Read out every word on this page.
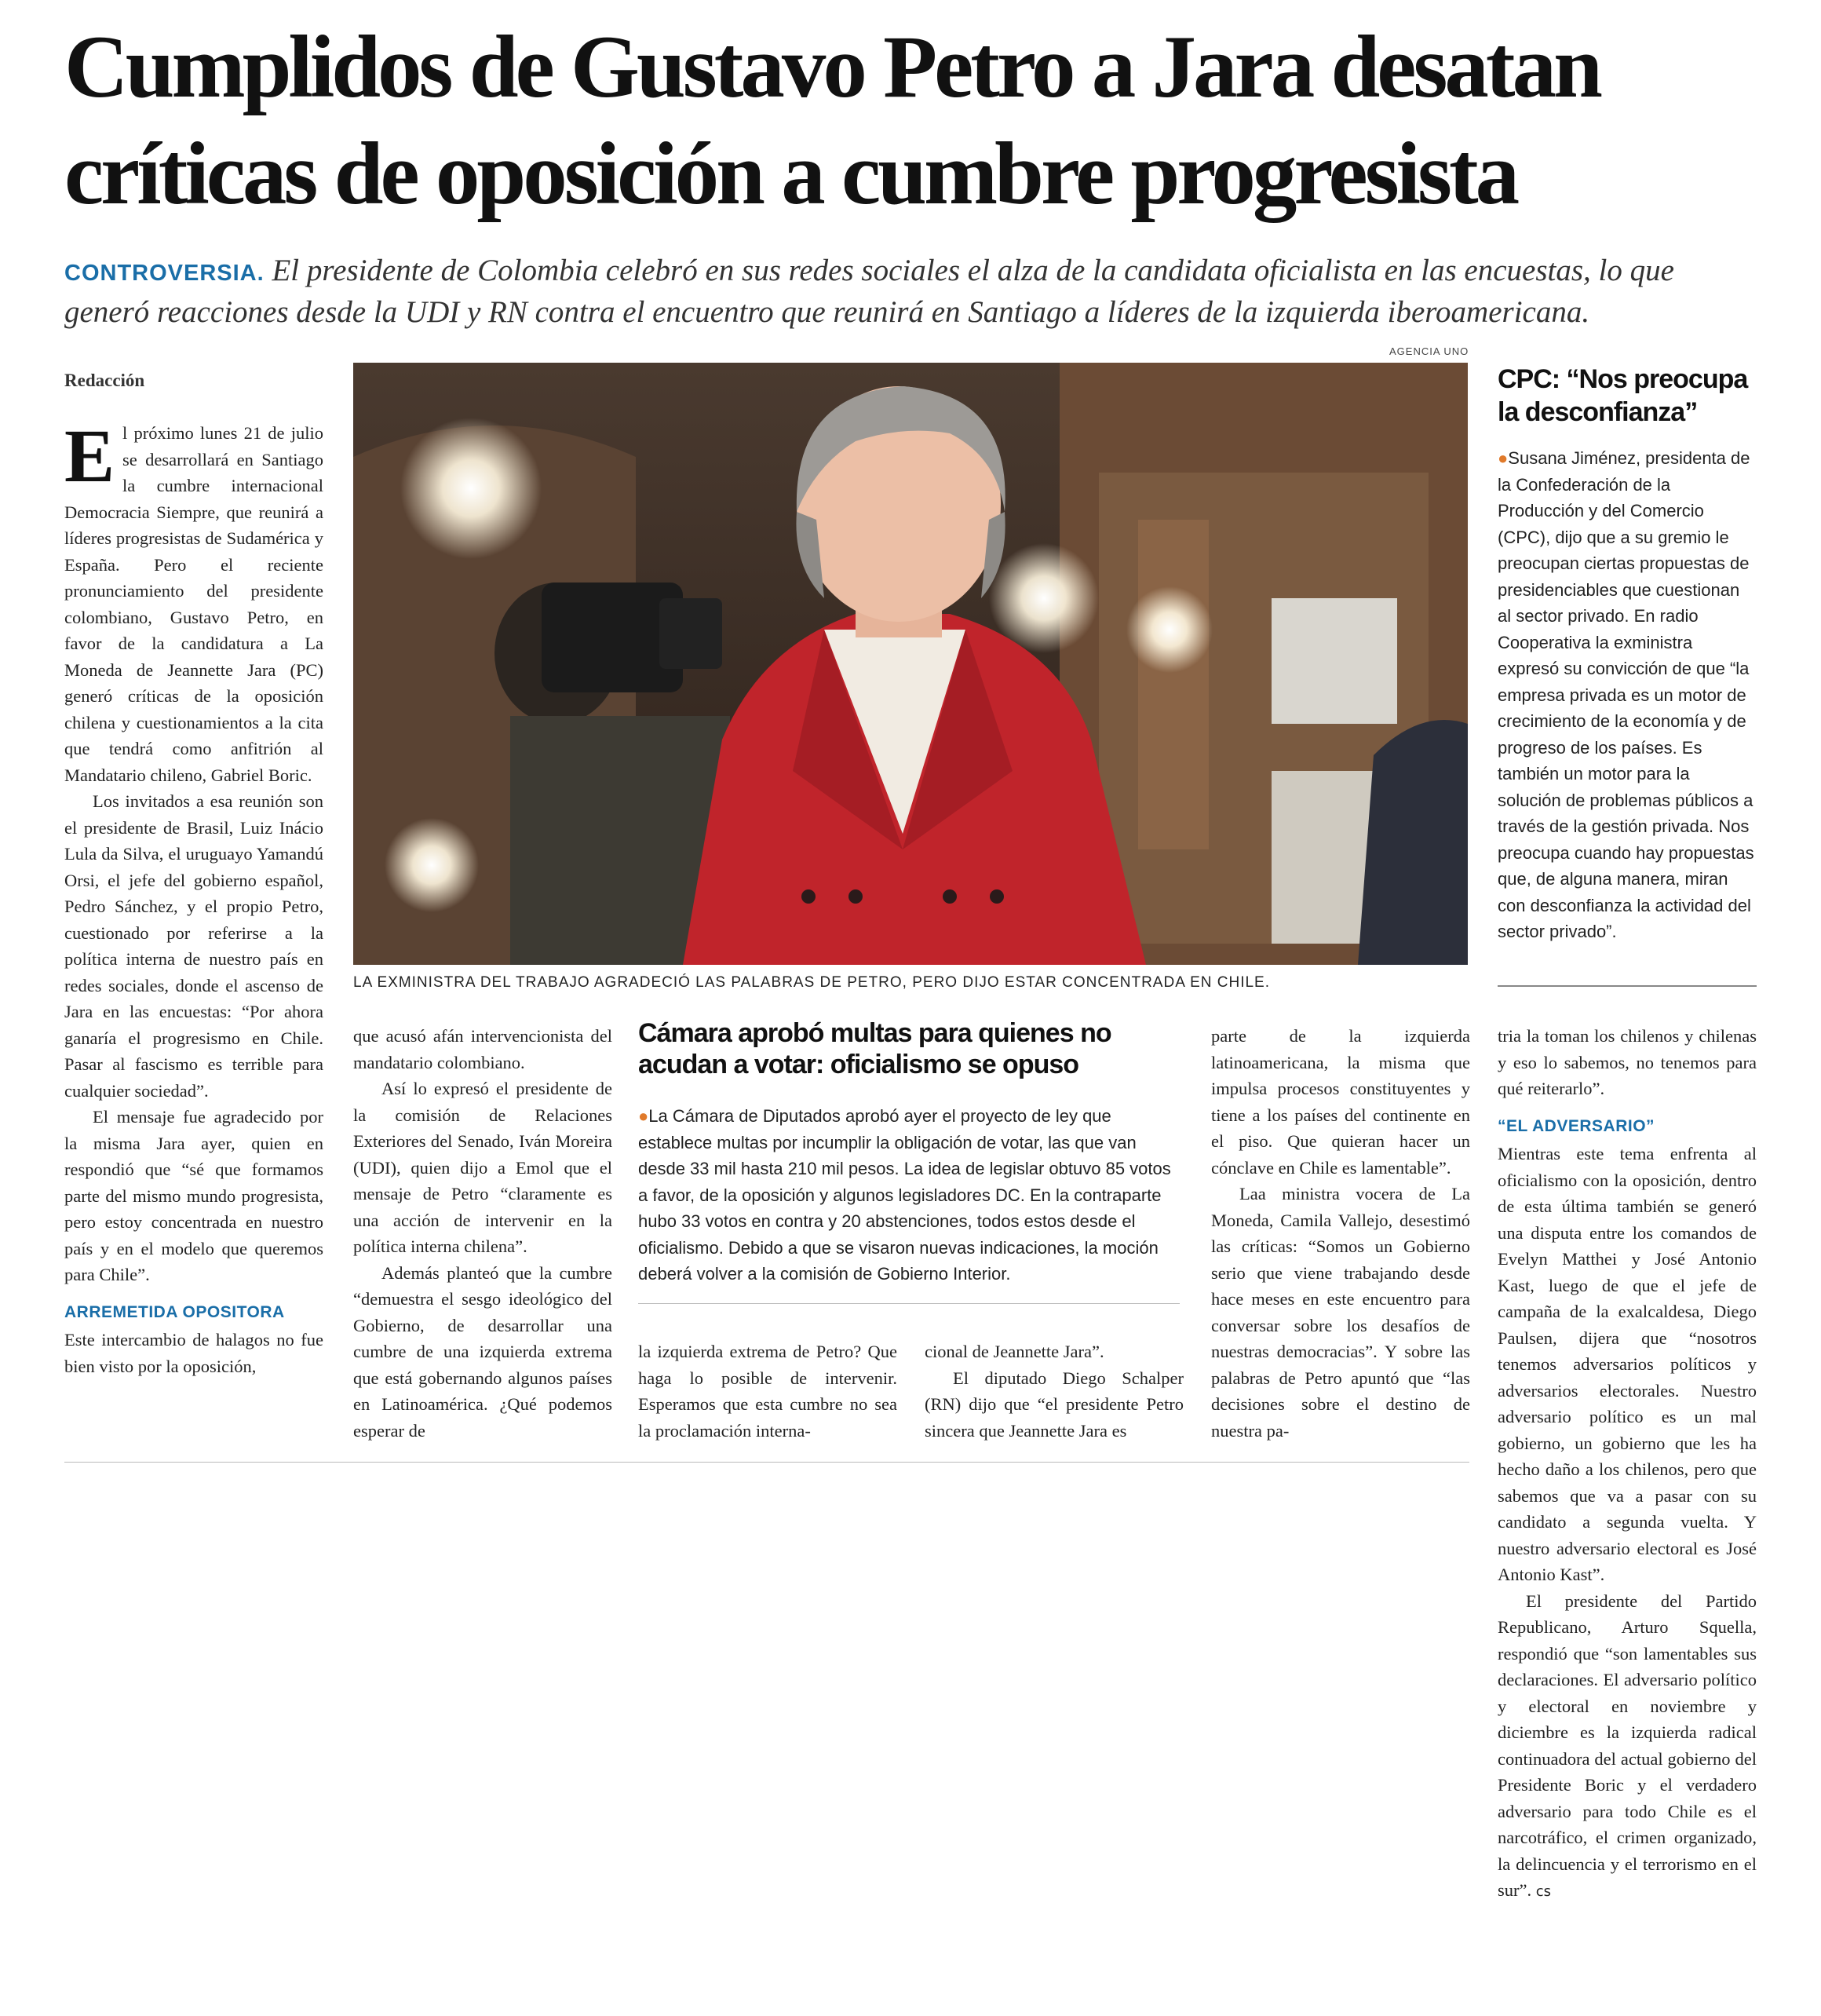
Cumplidos de Gustavo Petro a Jara desatan
críticas de oposición a cumbre progresista
CONTROVERSIA. El presidente de Colombia celebró en sus redes sociales el alza de la candidata oficialista en las encuestas, lo que generó reacciones desde la UDI y RN contra el encuentro que reunirá en Santiago a líderes de la izquierda iberoamericana.
AGENCIA UNO
Redacción
LA EXMINISTRA DEL TRABAJO AGRADECIÓ LAS PALABRAS DE PETRO, PERO DIJO ESTAR CONCENTRADA EN CHILE.

El próximo lunes 21 de julio se desarrollará en Santiago la cumbre internacional Democracia Siempre, que reunirá a líderes progresistas de Sudamérica y España. Pero el reciente pronunciamiento del presidente colombiano, Gustavo Petro, en favor de la candidatura a La Moneda de Jeannette Jara (PC) generó críticas de la oposición chilena y cuestionamientos a la cita que tendrá como anfitrión al Mandatario chileno, Gabriel Boric.

Los invitados a esa reunión son el presidente de Brasil, Luiz Inácio Lula da Silva, el uruguayo Yamandú Orsi, el jefe del gobierno español, Pedro Sánchez, y el propio Petro, cuestionado por referirse a la política interna de nuestro país en redes sociales, donde el ascenso de Jara en las encuestas: “Por ahora ganaría el progresismo en Chile. Pasar al fascismo es terrible para cualquier sociedad”.

El mensaje fue agradecido por la misma Jara ayer, quien en respondió que “sé que formamos parte del mismo mundo progresista, pero estoy concentrada en nuestro país y en el modelo que queremos para Chile”.

ARREMETIDA OPOSITORA

Este intercambio de halagos no fue bien visto por la oposición,

que acusó afán intervencionista del mandatario colombiano.

Así lo expresó el presidente de la comisión de Relaciones Exteriores del Senado, Iván Moreira (UDI), quien dijo a Emol que el mensaje de Petro “claramente es una acción de intervenir en la política interna chilena”.

Además planteó que la cumbre “demuestra el sesgo ideológico del Gobierno, de desarrollar una cumbre de una izquierda extrema que está gobernando algunos países en Latinoamérica. ¿Qué podemos esperar de

Cámara aprobó multas para quienes no acudan a votar: oficialismo se opuso
●La Cámara de Diputados aprobó ayer el proyecto de ley que establece multas por incumplir la obligación de votar, las que van desde 33 mil hasta 210 mil pesos. La idea de legislar obtuvo 85 votos a favor, de la oposición y algunos legisladores DC. En la contraparte hubo 33 votos en contra y 20 abstenciones, todos estos desde el oficialismo. Debido a que se visaron nuevas indicaciones, la moción deberá volver a la comisión de Gobierno Interior.

la izquierda extrema de Petro? Que haga lo posible de intervenir. Esperamos que esta cumbre no sea la proclamación interna-

cional de Jeannette Jara”.

El diputado Diego Schalper (RN) dijo que “el presidente Petro sincera que Jeannette Jara es

parte de la izquierda latinoamericana, la misma que impulsa procesos constituyentes y tiene a los países del continente en el piso. Que quieran hacer un cónclave en Chile es lamentable”.

Laa ministra vocera de La Moneda, Camila Vallejo, desestimó las críticas: “Somos un Gobierno serio que viene trabajando desde hace meses en este encuentro para conversar sobre los desafíos de nuestras democracias”. Y sobre las palabras de Petro apuntó que “las decisiones sobre el destino de nuestra pa-

CPC: “Nos preocupa la desconfianza”
●Susana Jiménez, presidenta de la Confederación de la Producción y del Comercio (CPC), dijo que a su gremio le preocupan ciertas propuestas de presidenciables que cuestionan al sector privado. En radio Cooperativa la exministra expresó su convicción de que “la empresa privada es un motor de crecimiento de la economía y de progreso de los países. Es también un motor para la solución de problemas públicos a través de la gestión privada. Nos preocupa cuando hay propuestas que, de alguna manera, miran con desconfianza la actividad del sector privado”.

tria la toman los chilenos y chilenas y eso lo sabemos, no tenemos para qué reiterarlo”.

“EL ADVERSARIO”

Mientras este tema enfrenta al oficialismo con la oposición, dentro de esta última también se generó una disputa entre los comandos de Evelyn Matthei y José Antonio Kast, luego de que el jefe de campaña de la exalcaldesa, Diego Paulsen, dijera que “nosotros tenemos adversarios políticos y adversarios electorales. Nuestro adversario político es un mal gobierno, un gobierno que les ha hecho daño a los chilenos, pero que sabemos que va a pasar con su candidato a segunda vuelta. Y nuestro adversario electoral es José Antonio Kast”.

El presidente del Partido Republicano, Arturo Squella, respondió que “son lamentables sus declaraciones. El adversario político y electoral en noviembre y diciembre es la izquierda radical continuadora del actual gobierno del Presidente Boric y el verdadero adversario para todo Chile es el narcotráfico, el crimen organizado, la delincuencia y el terrorismo en el sur”. cs
